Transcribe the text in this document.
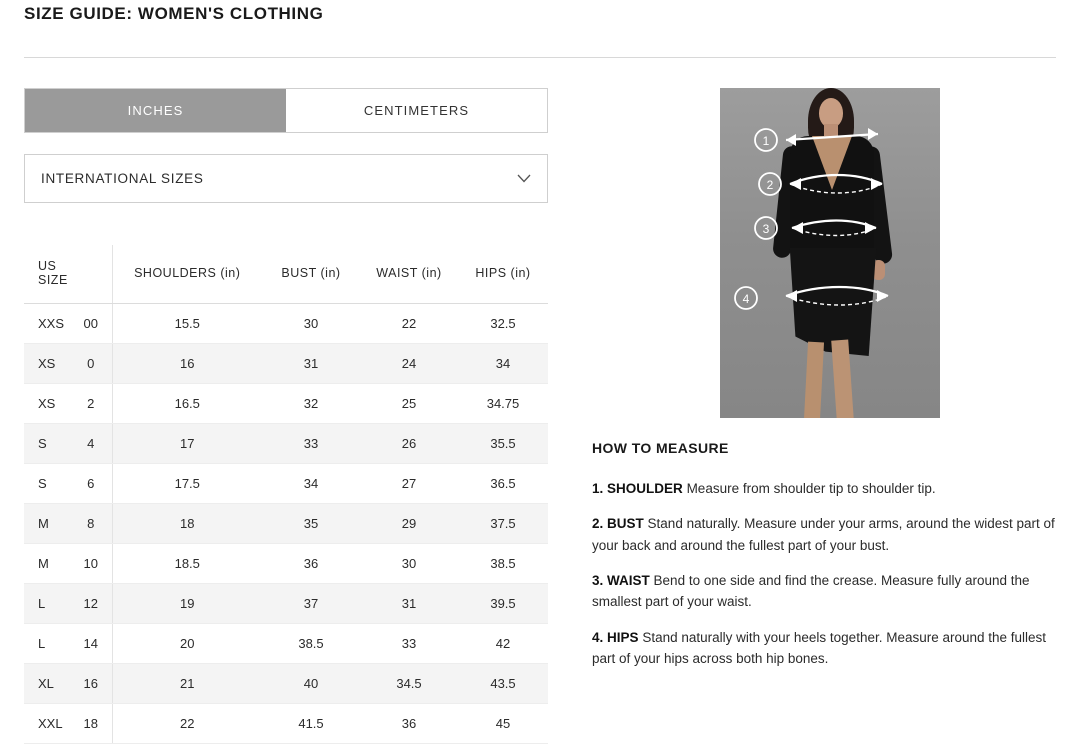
SIZE GUIDE: WOMEN'S CLOTHING
INCHES	CENTIMETERS
INTERNATIONAL SIZES
US SIZE		SHOULDERS (in)	BUST (in)	WAIST (in)	HIPS (in)
XXS	00	15.5	30	22	32.5
XS	0	16	31	24	34
XS	2	16.5	32	25	34.75
S	4	17	33	26	35.5
S	6	17.5	34	27	36.5
M	8	18	35	29	37.5
M	10	18.5	36	30	38.5
L	12	19	37	31	39.5
L	14	20	38.5	33	42
XL	16	21	40	34.5	43.5
XXL	18	22	41.5	36	45
1
2
3
4
HOW TO MEASURE
1. SHOULDER Measure from shoulder tip to shoulder tip.
2. BUST Stand naturally. Measure under your arms, around the widest part of your back and around the fullest part of your bust.
3. WAIST Bend to one side and find the crease. Measure fully around the smallest part of your waist.
4. HIPS Stand naturally with your heels together. Measure around the fullest part of your hips across both hip bones.
